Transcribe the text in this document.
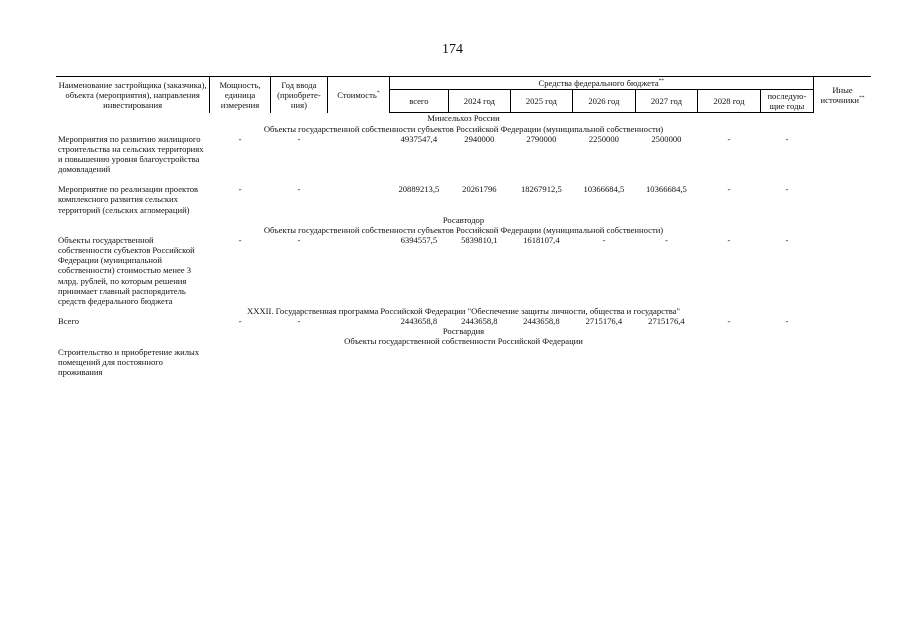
174
Наименование застройщика (заказчика), объекта (мероприятия), направления инвестирования	Мощность, единица измерения	Год ввода (приобрете-ния)	Стоимость*	Средства федерального бюджета**							Иные источники**
				всего	2024 год	2025 год	2026 год	2027 год	2028 год	последую-щие годы	
Минсельхоз России											
Объекты государственной собственности субъектов Российской Федерации (муниципальной собственности)											
Мероприятия по развитию жилищного строительства на сельских территориях и повышению уровня благоустройства домовладений	-	-		4937547,4	2940000	2790000	2250000	2500000	-	-	

Мероприятие по реализации проектов комплексного развития сельских территорий (сельских агломераций)	-	-		20889213,5	20261796	18267912,5	10366684,5	10366684,5	-	-	
Росавтодор											
Объекты государственной собственности субъектов Российской Федерации (муниципальной собственности)											
Объекты государственной собственности субъектов Российской Федерации (муниципальной собственности) стоимостью менее 3 млрд. рублей, по которым решения принимает главный распорядитель средств федерального бюджета	-	-		6394557,5	5839810,1	1618107,4	-	-	-	-	
XXXII. Государственная программа Российской Федерации "Обеспечение защиты личности, общества и государства"											
Всего	-	-		2443658,8	2443658,8	2443658,8	2715176,4	2715176,4	-	-	
Росгвардия											
Объекты государственной собственности Российской Федерации											
Строительство и приобретение жилых помещений для постоянного проживания											
